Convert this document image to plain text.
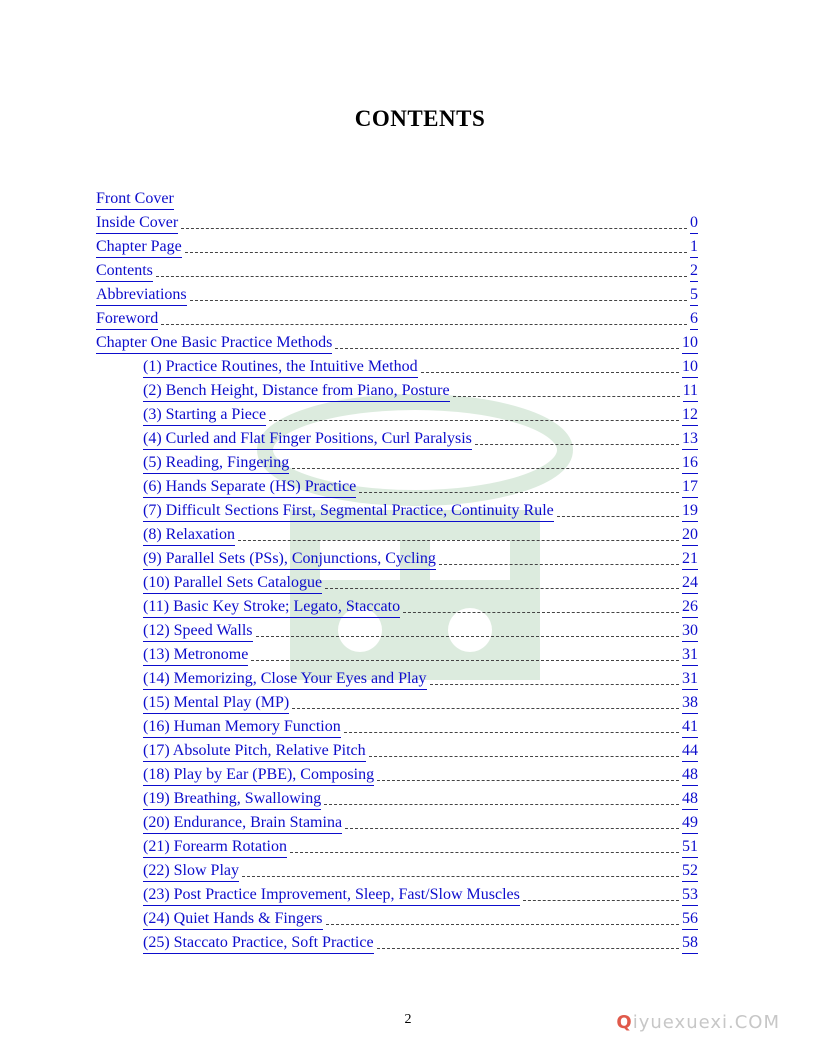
CONTENTS
Front Cover
Inside Cover	0
Chapter Page	1
Contents	2
Abbreviations	5
Foreword	6
Chapter One Basic Practice Methods	10
(1) Practice Routines, the Intuitive Method	10
(2) Bench Height, Distance from Piano, Posture	11
(3) Starting a Piece	12
(4) Curled and Flat Finger Positions, Curl Paralysis	13
(5) Reading, Fingering	16
(6) Hands Separate (HS) Practice	17
(7) Difficult Sections First, Segmental Practice, Continuity Rule	19
(8) Relaxation	20
(9) Parallel Sets (PSs), Conjunctions, Cycling	21
(10) Parallel Sets Catalogue	24
(11) Basic Key Stroke; Legato, Staccato	26
(12) Speed Walls	30
(13) Metronome	31
(14) Memorizing, Close Your Eyes and Play	31
(15) Mental Play (MP)	38
(16) Human Memory Function	41
(17) Absolute Pitch, Relative Pitch	44
(18) Play by Ear (PBE), Composing	48
(19) Breathing, Swallowing	48
(20) Endurance, Brain Stamina	49
(21) Forearm Rotation	51
(22) Slow Play	52
(23) Post Practice Improvement, Sleep, Fast/Slow Muscles	53
(24) Quiet Hands & Fingers	56
(25) Staccato Practice, Soft Practice	58
2	Qiyuexuexi.COM
